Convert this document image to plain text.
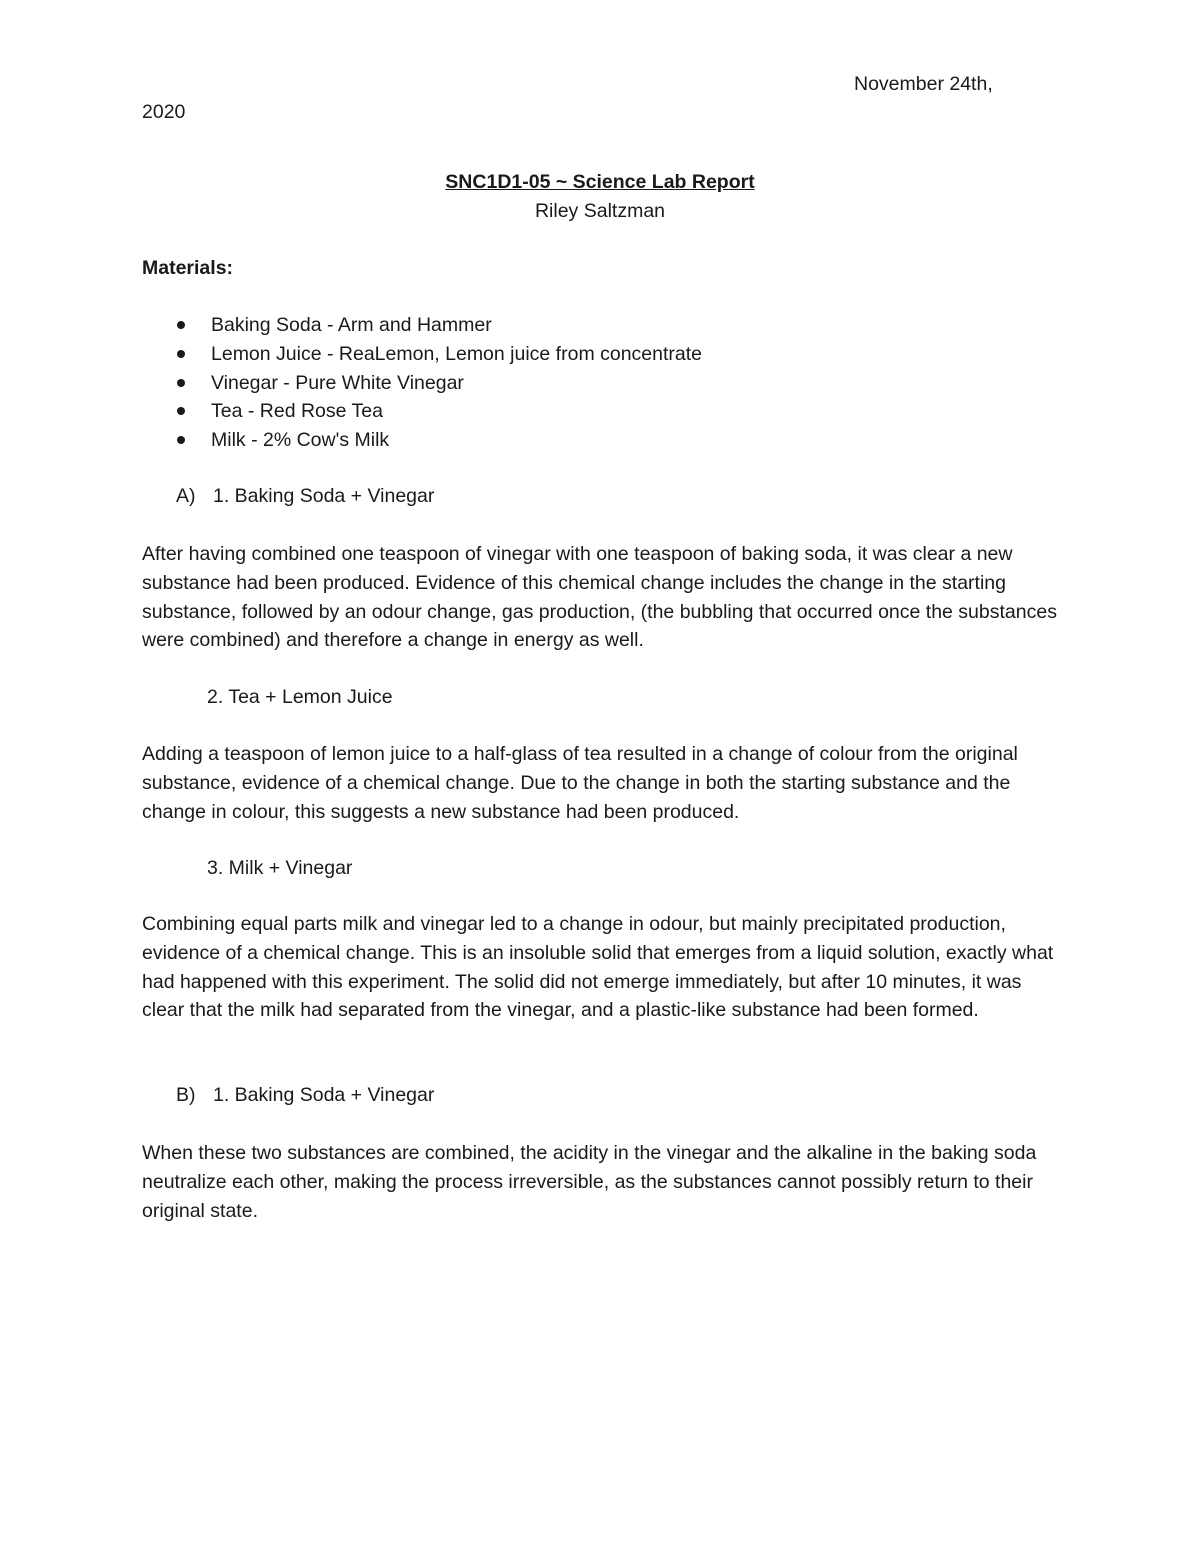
November 24th,
2020
SNC1D1-05 ~ Science Lab Report
Riley Saltzman
Materials:
Baking Soda - Arm and Hammer
Lemon Juice - ReaLemon, Lemon juice from concentrate
Vinegar - Pure White Vinegar
Tea - Red Rose Tea
Milk - 2% Cow's Milk
A) 1. Baking Soda + Vinegar

After having combined one teaspoon of vinegar with one teaspoon of baking soda, it was clear a new substance had been produced. Evidence of this chemical change includes the change in the starting substance, followed by an odour change, gas production, (the bubbling that occurred once the substances were combined) and therefore a change in energy as well.

2. Tea + Lemon Juice

Adding a teaspoon of lemon juice to a half-glass of tea resulted in a change of colour from the original substance, evidence of a chemical change. Due to the change in both the starting substance and the change in colour, this suggests a new substance had been produced.

3. Milk + Vinegar

Combining equal parts milk and vinegar led to a change in odour, but mainly precipitated production, evidence of a chemical change. This is an insoluble solid that emerges from a liquid solution, exactly what had happened with this experiment. The solid did not emerge immediately, but after 10 minutes, it was clear that the milk had separated from the vinegar, and a plastic-like substance had been formed.

B) 1. Baking Soda + Vinegar

When these two substances are combined, the acidity in the vinegar and the alkaline in the baking soda neutralize each other, making the process irreversible, as the substances cannot possibly return to their original state.
